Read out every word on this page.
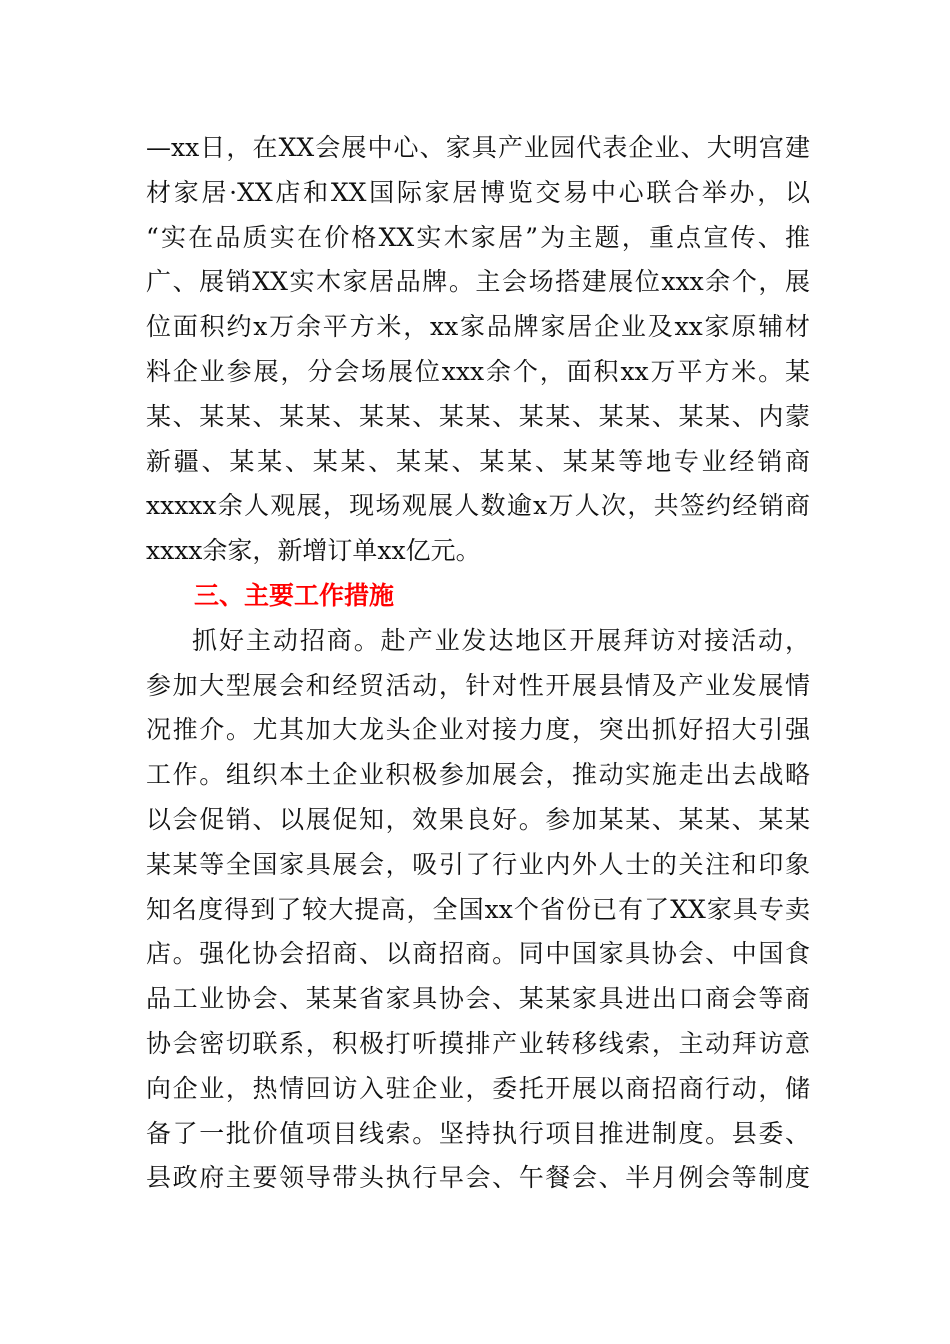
—xx日，在XX会展中心、家具产业园代表企业、大明宫建
材家居·XX店和XX国际家居博览交易中心联合举办，以
“实在品质实在价格XX实木家居”为主题，重点宣传、推
广、展销XX实木家居品牌。主会场搭建展位xxx余个，展
位面积约x万余平方米，xx家品牌家居企业及xx家原辅材
料企业参展，分会场展位xxx余个，面积xx万平方米。某
某、某某、某某、某某、某某、某某、某某、某某、内蒙
新疆、某某、某某、某某、某某、某某等地专业经销商
xxxxx余人观展，现场观展人数逾x万人次，共签约经销商
xxxx余家，新增订单xx亿元。
三、主要工作措施
抓好主动招商。赴产业发达地区开展拜访对接活动，
参加大型展会和经贸活动，针对性开展县情及产业发展情
况推介。尤其加大龙头企业对接力度，突出抓好招大引强
工作。组织本土企业积极参加展会，推动实施走出去战略
以会促销、以展促知，效果良好。参加某某、某某、某某
某某等全国家具展会，吸引了行业内外人士的关注和印象
知名度得到了较大提高，全国xx个省份已有了XX家具专卖
店。强化协会招商、以商招商。同中国家具协会、中国食
品工业协会、某某省家具协会、某某家具进出口商会等商
协会密切联系，积极打听摸排产业转移线索，主动拜访意
向企业，热情回访入驻企业，委托开展以商招商行动，储
备了一批价值项目线索。坚持执行项目推进制度。县委、
县政府主要领导带头执行早会、午餐会、半月例会等制度
